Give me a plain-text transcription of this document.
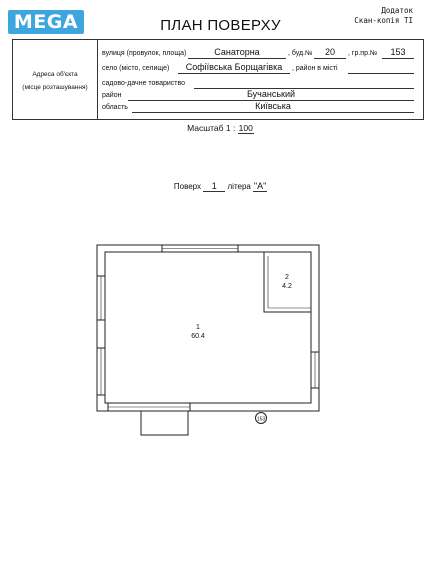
MEGA
Додаток
Скан-копія ТІ
ПЛАН ПОВЕРХУ
Адреса об'єкта
(місце розташування)
вулиця (провулок, площа)	Санаторна	, буд.№	20	, гр.пр.№	153
село (місто, селище)	Софіївська Борщагівка	, район в місті
садово-дачне товариство
район	Бучанський
область	Київська
Масштаб 1 : 100
Поверх 1 літера "А"
153
1
60.4
2
4.2
